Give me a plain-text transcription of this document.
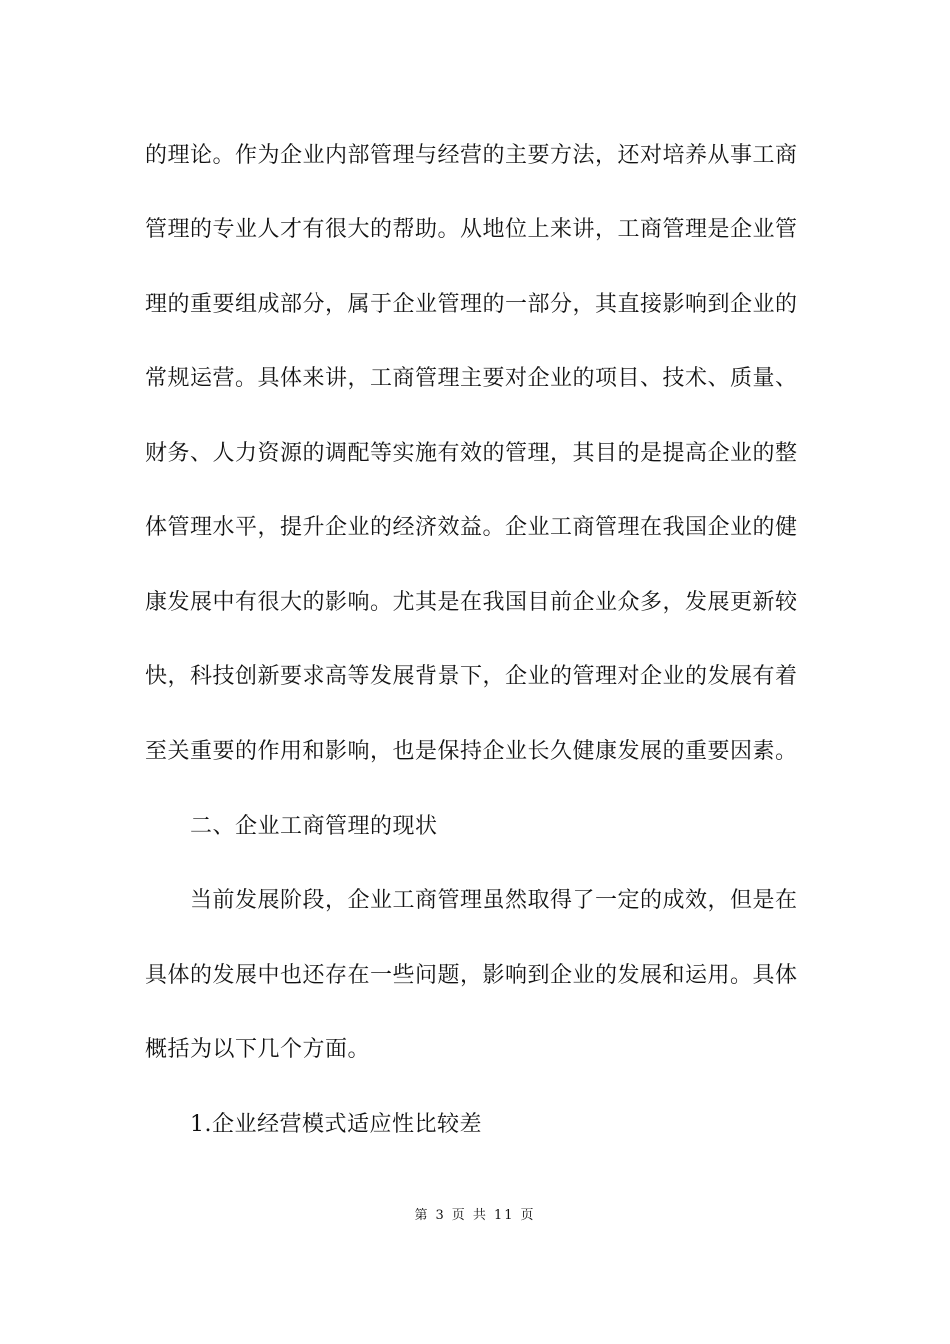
的理论。作为企业内部管理与经营的主要方法，还对培养从事工商
管理的专业人才有很大的帮助。从地位上来讲，工商管理是企业管
理的重要组成部分，属于企业管理的一部分，其直接影响到企业的
常规运营。具体来讲，工商管理主要对企业的项目、技术、质量、
财务、人力资源的调配等实施有效的管理，其目的是提高企业的整
体管理水平，提升企业的经济效益。企业工商管理在我国企业的健
康发展中有很大的影响。尤其是在我国目前企业众多，发展更新较
快，科技创新要求高等发展背景下，企业的管理对企业的发展有着
至关重要的作用和影响，也是保持企业长久健康发展的重要因素。
二、企业工商管理的现状
当前发展阶段，企业工商管理虽然取得了一定的成效，但是在
具体的发展中也还存在一些问题，影响到企业的发展和运用。具体
概括为以下几个方面。
1.企业经营模式适应性比较差
第 3 页 共 11 页
